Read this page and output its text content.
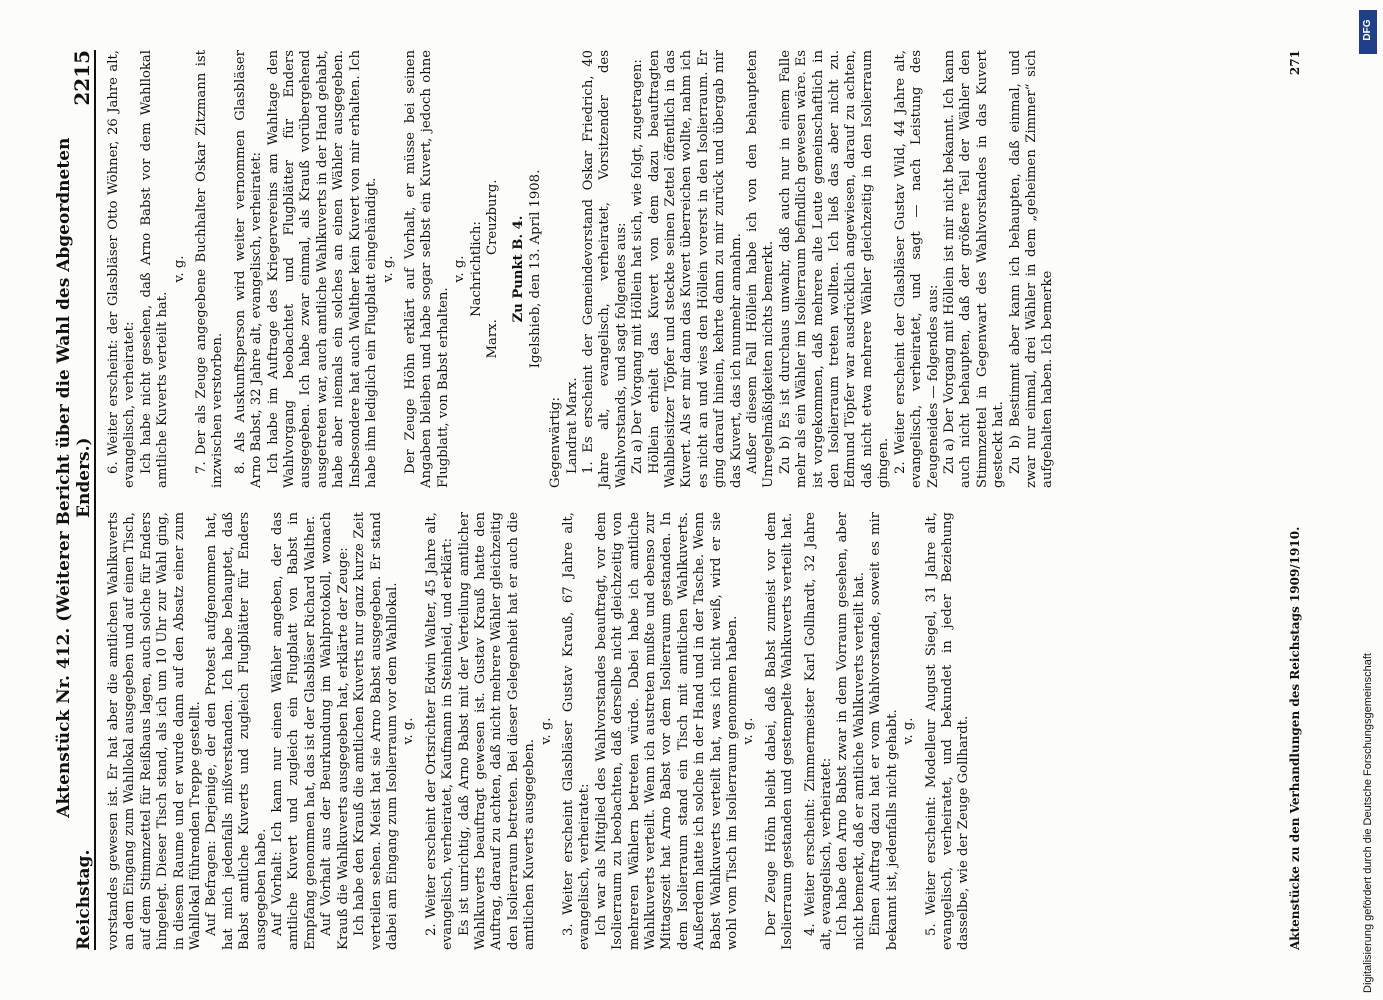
Reichstag.
Aktenstück Nr. 412. (Weiterer Bericht über die Wahl des Abgeordneten Enders.)
2215

vorstandes gewesen ist. Er hat aber die amtlichen Wahlkuverts an dem Eingang zum Wahllokal ausgegeben und auf einen Tisch, auf dem Stimmzettel für Reißhaus lagen, auch solche für Enders hingelegt. Dieser Tisch stand, als ich um 10 Uhr zur Wahl ging, in diesem Raume und er wurde dann auf den Absatz einer zum Wahllokal führenden Treppe gestellt. Auf Befragen: Derjenige, der den Protest aufgenommen hat, hat mich jedenfalls mißverstanden. Ich habe behauptet, daß Babst amtliche Kuverts und zugleich Flugblätter für Enders ausgegeben habe. Auf Vorhalt: Ich kann nur einen Wähler angeben, der das amtliche Kuvert und zugleich ein Flugblatt von Babst in Empfang genommen hat, das ist der Glasbläser Richard Walther. Auf Vorhalt aus der Beurkundung im Wahlprotokoll, wonach Krauß die Wahlkuverts ausgegeben hat, erklärte der Zeuge: Ich habe den Krauß die amtlichen Kuverts nur ganz kurze Zeit verteilen sehen. Meist hat sie Arno Babst ausgegeben. Er stand dabei am Eingang zum Isolierraum vor dem Wahllokal. v. g. 2. Weiter erscheint der Ortsrichter Edwin Walter, 45 Jahre alt, evangelisch, verheiratet, Kaufmann in Steinheid, und erklärt: Es ist unrichtig, daß Arno Babst mit der Verteilung amtlicher Wahlkuverts beauftragt gewesen ist. Gustav Krauß hatte den Auftrag, darauf zu achten, daß nicht mehrere Wähler gleichzeitig den Isolierraum betreten. Bei dieser Gelegenheit hat er auch die amtlichen Kuverts ausgegeben.

v. g. 3. Weiter erscheint Glasbläser Gustav Krauß, 67 Jahre alt, evangelisch, verheiratet: Ich war als Mitglied des Wahlvorstandes beauftragt, vor dem Isolierraum zu beobachten, daß derselbe nicht gleichzeitig von mehreren Wählern betreten würde. Dabei habe ich amtliche Wahlkuverts verteilt. Wenn ich austreten mußte und ebenso zur Mittagszeit hat Arno Babst vor dem Isolierraum gestanden. In dem Isolierraum stand ein Tisch mit amtlichen Wahlkuverts. Außerdem hatte ich solche in der Hand und in der Tasche. Wenn Babst Wahlkuverts verteilt hat, was ich nicht weiß, wird er sie wohl vom Tisch im Isolierraum genommen haben. v. g. Der Zeuge Höhn bleibt dabei, daß Babst zumeist vor dem Isolierraum gestanden und gestempelte Wahlkuverts verteilt hat. 4. Weiter erscheint: Zimmermeister Karl Gollhardt, 32 Jahre alt, evangelisch, verheiratet: Ich habe den Arno Babst zwar in dem Vorraum gesehen, aber nicht bemerkt, daß er amtliche Wahlkuverts verteilt hat. Einen Auftrag dazu hat er vom Wahlvorstande, soweit es mir bekannt ist, jedenfalls nicht gehabt. v. g. 5. Weiter erscheint: Modelleur August Siegel, 31 Jahre alt, evangelisch, verheiratet, und bekundet in jeder Beziehung dasselbe, wie der Zeuge Gollhardt.

6. Weiter erscheint: der Glasbläser Otto Wöhner, 26 Jahre alt, evangelisch, verheiratet: Ich habe nicht gesehen, daß Arno Babst vor dem Wahllokal amtliche Kuverts verteilt hat.

v. g. 7. Der als Zeuge angegebene Buchhalter Oskar Zitzmann ist inzwischen verstorben. 8. Als Auskunftsperson wird weiter vernommen Glasbläser Arno Babst, 32 Jahre alt, evangelisch, verheiratet: Ich habe im Auftrage des Kriegervereins am Wahltage den Wahlvorgang beobachtet und Flugblätter für Enders ausgegeben. Ich habe zwar einmal, als Krauß vorübergehend ausgetreten war, auch amtliche Wahlkuverts in der Hand gehabt, habe aber niemals ein solches an einen Wähler ausgegeben. Insbesondere hat auch Walther kein Kuvert von mir erhalten. Ich habe ihm lediglich ein Flugblatt eingehändigt. v. g. Der Zeuge Höhn erklärt auf Vorhalt, er müsse bei seinen Angaben bleiben und habe sogar selbst ein Kuvert, jedoch ohne Flugblatt, von Babst erhalten.

v. g. Nachrichtlich: Marx. Creuzburg. Zu Punkt B. 4. Igelshieb, den 13. April 1908.

Gegenwärtig: Landrat Marx. 1. Es erscheint der Gemeindevorstand Oskar Friedrich, 40 Jahre alt, evangelisch, verheiratet, Vorsitzender des Wahlvorstands, und sagt folgendes aus: Zu a) Der Vorgang mit Höllein hat sich, wie folgt, zugetragen: Höllein erhielt das Kuvert von dem dazu beauftragten Wahlbeisitzer Töpfer und steckte seinen Zettel öffentlich in das Kuvert. Als er mir dann das Kuvert überreichen wollte, nahm ich es nicht an und wies den Höllein vorerst in den Isolierraum. Er ging darauf hinein, kehrte dann zu mir zurück und übergab mir das Kuvert, das ich nunmehr annahm. Außer diesem Fall Höllein habe ich von den behaupteten Unregelmäßigkeiten nichts bemerkt. Zu b) Es ist durchaus unwahr, daß auch nur in einem Falle mehr als ein Wähler im Isolierraum befindlich gewesen wäre. Es ist vorgekommen, daß mehrere alte Leute gemeinschaftlich in den Isolierraum treten wollten. Ich ließ das aber nicht zu. Edmund Töpfer war ausdrücklich angewiesen, darauf zu achten, daß nicht etwa mehrere Wähler gleichzeitig in den Isolierraum gingen. 2. Weiter erscheint der Glasbläser Gustav Wild, 44 Jahre alt, evangelisch, verheiratet, und sagt — nach Leistung des Zeugeneides — folgendes aus: Zu a) Der Vorgang mit Höllein ist mir nicht bekannt. Ich kann auch nicht behaupten, daß der größere Teil der Wähler den Stimmzettel in Gegenwart des Wahlvorstandes in das Kuvert gesteckt hat. Zu b) Bestimmt aber kann ich behaupten, daß einmal, und zwar nur einmal, drei Wähler in dem „geheimen Zimmer“ sich aufgehalten haben. Ich bemerke

Aktenstücke zu den Verhandlungen des Reichstags 1909/1910.
271
DFG
Digitalisierung gefördert durch die Deutsche Forschungsgemeinschaft
